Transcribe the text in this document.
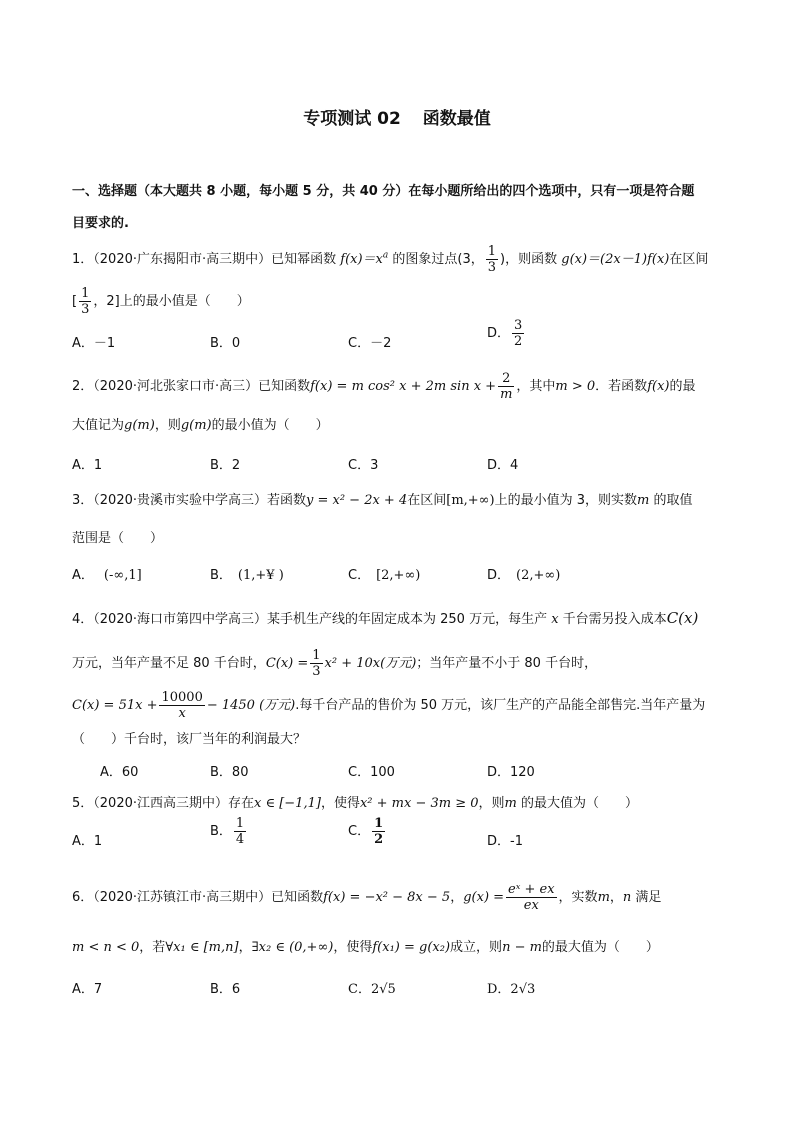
专项测试 02 函数最值
一、选择题（本大题共 8 小题，每小题 5 分，共 40 分）在每小题所给出的四个选项中，只有一项是符合题
目要求的.
1．（2020·广东揭阳市·高三期中）已知幂函数 $f(x)=x^a$ 的图象过点(3， $\frac{1}{3}$ )，则函数 g(x)＝(2x－1)f(x)在区间
[ $\frac{1}{3}$ ，2]上的最小值是（　　）
A．－1	B．0	C．－2
D． $\frac{3}{2}$
2．（2020·河北张家口市·高三）已知函数f(x) = m cos² x + 2m $\sin x + \frac{2}{m}$ ，其中m > 0．若函数f(x)的最
大值记为g(m)，则g(m)的最小值为（　　）
A．1	B．2	C．3	D．4
3．（2020·贵溪市实验中学高三）若函数y = x² − 2x + 4在区间[m,+∞)上的最小值为 3，则实数m 的取值
范围是（　　）
A． (-∞,1]	B． (1,+¥ )	C． [2,+∞)	D． (2,+∞)
4．（2020·海口市第四中学高三）某手机生产线的年固定成本为 250 万元，每生产 x 千台需另投入成本C(x)
万元，当年产量不足 80 千台时，$C(x) = \frac{1}{3} x^2 + 10x$(万元)；当年产量不小于 80 千台时，
$C(x) = 51x + \frac{10000}{x} - 1450$ (万元).每千台产品的售价为 50 万元，该厂生产的产品能全部售完.当年产量为
（　　）千台时，该厂当年的利润最大？
A．60	B．80	C．100	D．120
5．（2020·江西高三期中）存在x ∈ [−1,1]，使得x² + mx − 3m ≥ 0，则m 的最大值为（　　）
A．1
B． $\frac{1}{4}$	C． $\frac{1}{2}$	D．-1
6．（2020·江苏镇江市·高三期中）已知函数f(x) = −x² − 8x − 5，$g(x) = \frac{\text{eˣ + ex}}{ex}$ ，实数m，n 满足
m < n < 0，若∀x₁ ∈ [m,n]，∃x₂ ∈ (0,+∞)，使得f(x₁) = g(x₂)成立，则n − m的最大值为（　　）
A．7	B．6	C．2√5	D．2√3
